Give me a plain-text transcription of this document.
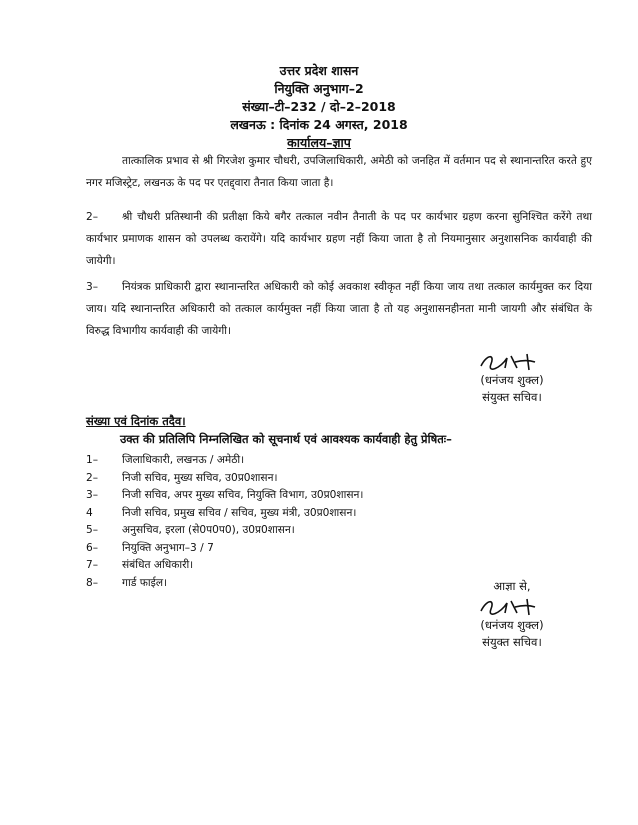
उत्तर प्रदेश शासन
नियुक्ति अनुभाग–2
संख्या–टी–232 / दो–2–2018
लखनऊ : दिनांक 24 अगस्त, 2018
कार्यालय–ज्ञाप
तात्कालिक प्रभाव से श्री गिरजेश कुमार चौधरी, उपजिलाधिकारी, अमेठी को जनहित में वर्तमान पद से स्थानान्तरित करते हुए नगर मजिस्ट्रेट, लखनऊ के पद पर एतद्द्वारा तैनात किया जाता है।
2– श्री चौधरी प्रतिस्थानी की प्रतीक्षा किये बगैर तत्काल नवीन तैनाती के पद पर कार्यभार ग्रहण करना सुनिश्चित करेंगे तथा कार्यभार प्रमाणक शासन को उपलब्ध करायेंगे। यदि कार्यभार ग्रहण नहीं किया जाता है तो नियमानुसार अनुशासनिक कार्यवाही की जायेगी।
3– नियंत्रक प्राधिकारी द्वारा स्थानान्तरित अधिकारी को कोई अवकाश स्वीकृत नहीं किया जाय तथा तत्काल कार्यमुक्त कर दिया जाय। यदि स्थानान्तरित अधिकारी को तत्काल कार्यमुक्त नहीं किया जाता है तो यह अनुशासनहीनता मानी जायगी और संबंधित के विरुद्ध विभागीय कार्यवाही की जायेगी।
(धनंजय शुक्ल)
संयुक्त सचिव।
संख्या एवं दिनांक तदैव।
उक्त की प्रतिलिपि निम्नलिखित को सूचनार्थ एवं आवश्यक कार्यवाही हेतु प्रेषितः–
1– जिलाधिकारी, लखनऊ / अमेठी।
2– निजी सचिव, मुख्य सचिव, उ0प्र0शासन।
3– निजी सचिव, अपर मुख्य सचिव, नियुक्ति विभाग, उ0प्र0शासन।
4	निजी सचिव, प्रमुख सचिव / सचिव, मुख्य मंत्री, उ0प्र0शासन।
5– अनुसचिव, इरला (से0प0प0), उ0प्र0शासन।
6– नियुक्ति अनुभाग–3 / 7
7– संबंधित अधिकारी।
8– गार्ड फाईल।	आज्ञा से,
(धनंजय शुक्ल)
संयुक्त सचिव।
